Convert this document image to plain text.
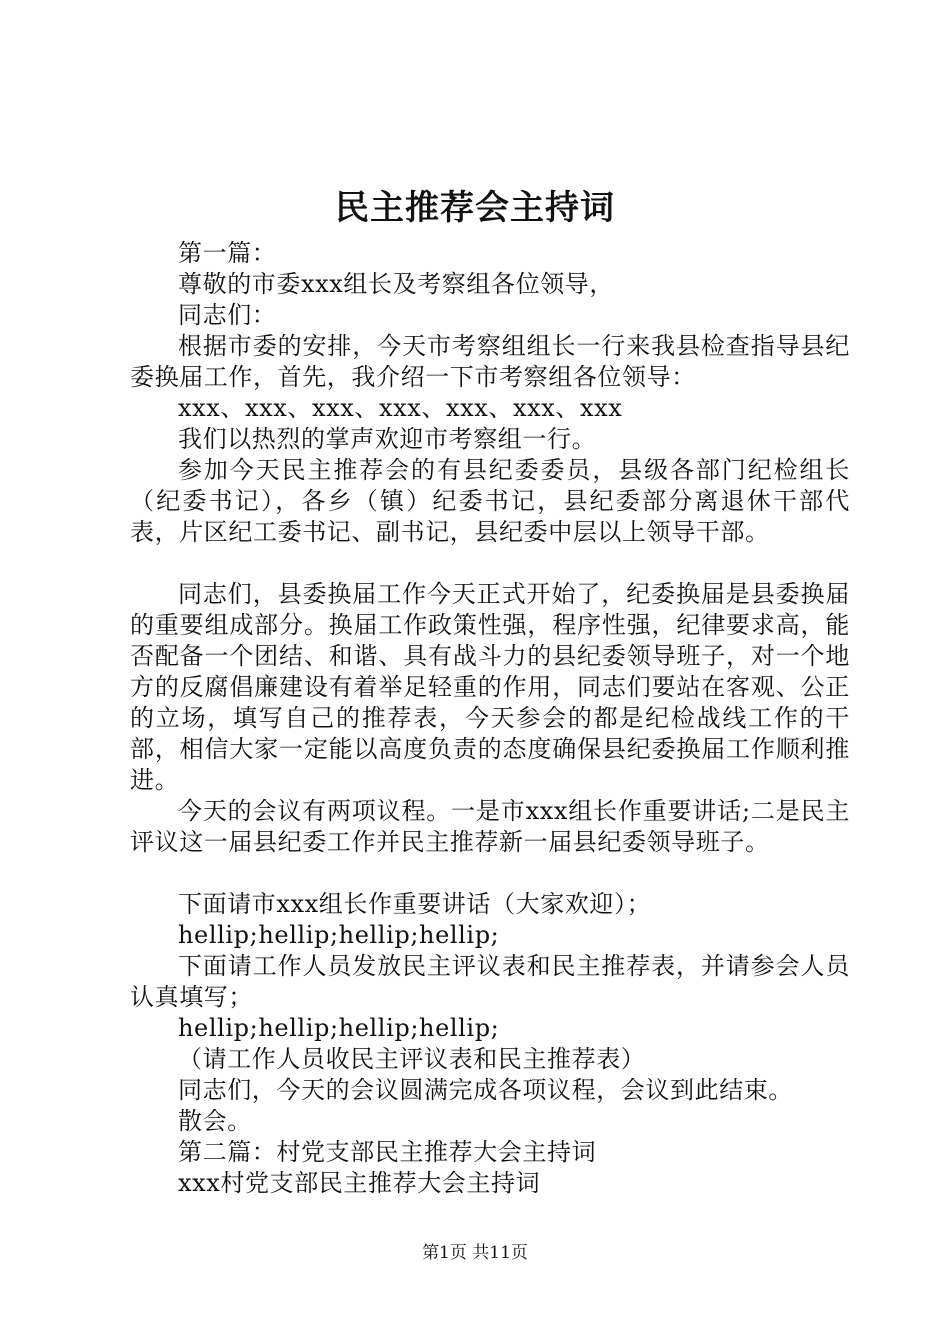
民主推荐会主持词

第一篇：

尊敬的市委xxx组长及考察组各位领导，

同志们：

根据市委的安排，今天市考察组组长一行来我县检查指导县纪委换届工作，首先，我介绍一下市考察组各位领导：

xxx、xxx、xxx、xxx、xxx、xxx、xxx

我们以热烈的掌声欢迎市考察组一行。

参加今天民主推荐会的有县纪委委员，县级各部门纪检组长（纪委书记），各乡（镇）纪委书记，县纪委部分离退休干部代表，片区纪工委书记、副书记，县纪委中层以上领导干部。

同志们，县委换届工作今天正式开始了，纪委换届是县委换届的重要组成部分。换届工作政策性强，程序性强，纪律要求高，能否配备一个团结、和谐、具有战斗力的县纪委领导班子，对一个地方的反腐倡廉建设有着举足轻重的作用，同志们要站在客观、公正的立场，填写自己的推荐表，今天参会的都是纪检战线工作的干部，相信大家一定能以高度负责的态度确保县纪委换届工作顺利推进。

今天的会议有两项议程。一是市xxx组长作重要讲话;二是民主评议这一届县纪委工作并民主推荐新一届县纪委领导班子。

下面请市xxx组长作重要讲话（大家欢迎）；

hellip;hellip;hellip;hellip;

下面请工作人员发放民主评议表和民主推荐表，并请参会人员认真填写；

hellip;hellip;hellip;hellip;

（请工作人员收民主评议表和民主推荐表）

同志们，今天的会议圆满完成各项议程，会议到此结束。

散会。

第二篇：村党支部民主推荐大会主持词

xxx村党支部民主推荐大会主持词

第1页 共11页
